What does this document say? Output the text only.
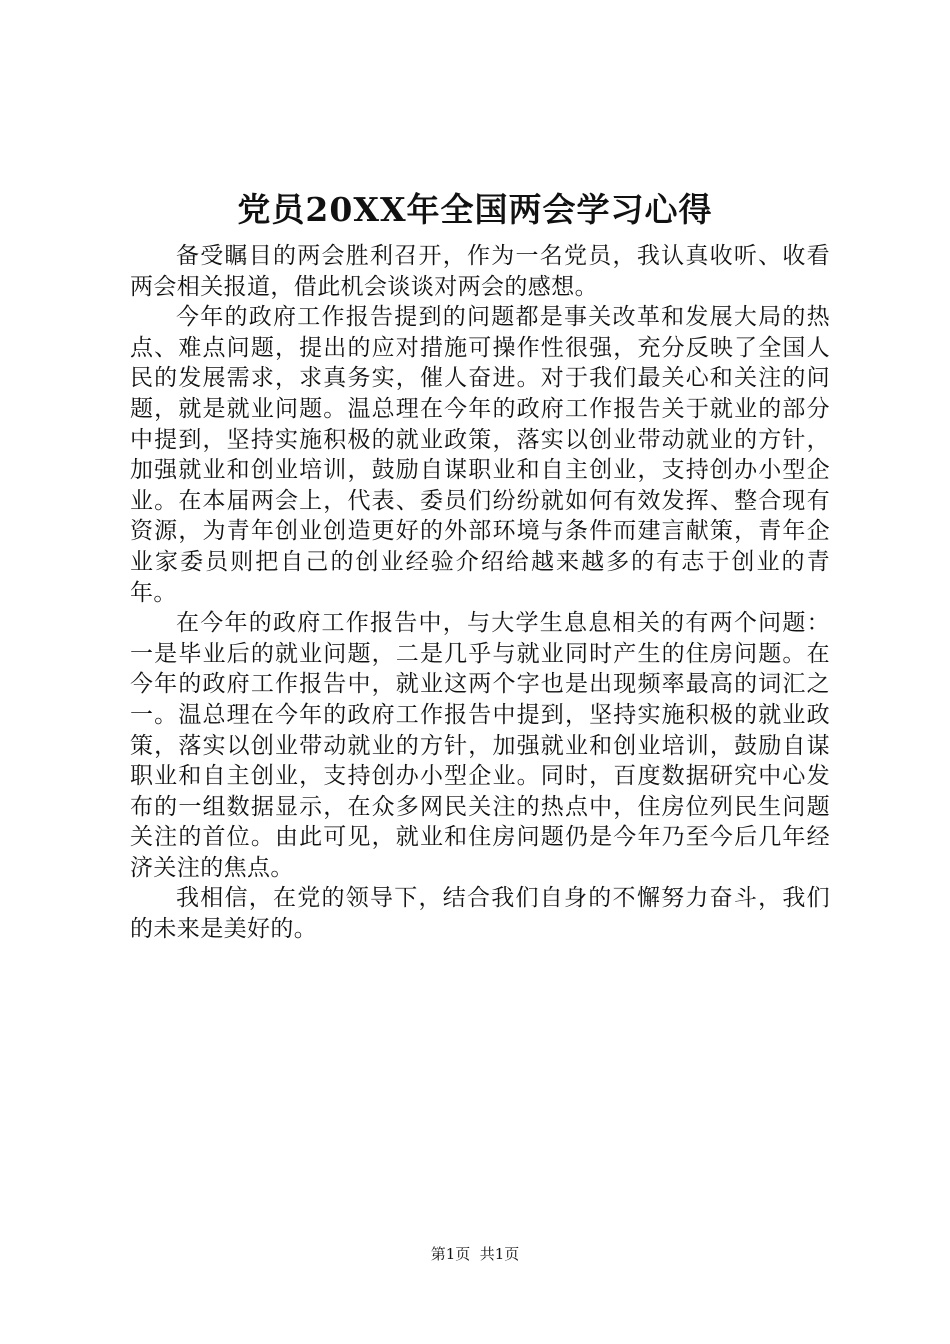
党员20XX年全国两会学习心得

备受瞩目的两会胜利召开，作为一名党员，我认真收听、收看两会相关报道，借此机会谈谈对两会的感想。

今年的政府工作报告提到的问题都是事关改革和发展大局的热点、难点问题，提出的应对措施可操作性很强，充分反映了全国人民的发展需求，求真务实，催人奋进。对于我们最关心和关注的问题，就是就业问题。温总理在今年的政府工作报告关于就业的部分中提到，坚持实施积极的就业政策，落实以创业带动就业的方针，加强就业和创业培训，鼓励自谋职业和自主创业，支持创办小型企业。在本届两会上，代表、委员们纷纷就如何有效发挥、整合现有资源，为青年创业创造更好的外部环境与条件而建言献策，青年企业家委员则把自己的创业经验介绍给越来越多的有志于创业的青年。

在今年的政府工作报告中，与大学生息息相关的有两个问题：一是毕业后的就业问题，二是几乎与就业同时产生的住房问题。在今年的政府工作报告中，就业这两个字也是出现频率最高的词汇之一。温总理在今年的政府工作报告中提到，坚持实施积极的就业政策，落实以创业带动就业的方针，加强就业和创业培训，鼓励自谋职业和自主创业，支持创办小型企业。同时，百度数据研究中心发布的一组数据显示，在众多网民关注的热点中，住房位列民生问题关注的首位。由此可见，就业和住房问题仍是今年乃至今后几年经济关注的焦点。

我相信，在党的领导下，结合我们自身的不懈努力奋斗，我们的未来是美好的。

第1页  共1页
